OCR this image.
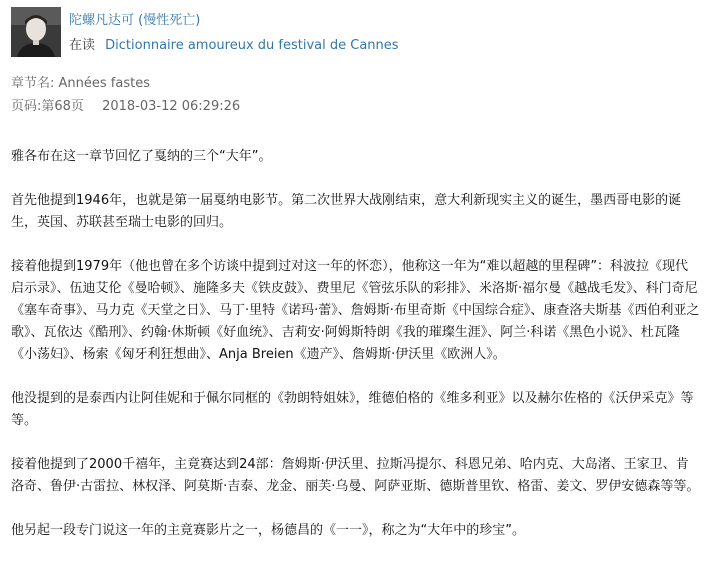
陀螺凡达可 (慢性死亡)
在读 Dictionnaire amoureux du festival de Cannes
章节名: Années fastes
页码:第68页 2018-03-12 06:29:26

雅各布在这一章节回忆了戛纳的三个“大年”。

首先他提到1946年，也就是第一届戛纳电影节。第二次世界大战刚结束，意大利新现实主义的诞生，墨西哥电影的诞生，英国、苏联甚至瑞士电影的回归。

接着他提到1979年（他也曾在多个访谈中提到过对这一年的怀恋），他称这一年为“难以超越的里程碑”：科波拉《现代启示录》、伍迪艾伦《曼哈顿》、施隆多夫《铁皮鼓》、费里尼《管弦乐队的彩排》、米洛斯·福尔曼《越战毛发》、科门奇尼《塞车奇事》、马力克《天堂之日》、马丁·里特《诺玛·蕾》、詹姆斯·布里奇斯《中国综合症》、康查洛夫斯基《西伯利亚之歌》、瓦依达《酷刑》、约翰·休斯顿《好血统》、吉莉安·阿姆斯特朗《我的璀璨生涯》、阿兰·科诺《黑色小说》、杜瓦隆《小荡妇》、杨索《匈牙利狂想曲》、Anja Breien《遗产》、詹姆斯·伊沃里《欧洲人》。

他没提到的是泰西内让阿佳妮和于佩尔同框的《勃朗特姐妹》，维德伯格的《维多利亚》以及赫尔佐格的《沃伊采克》等等。

接着他提到了2000千禧年，主竟赛达到24部：詹姆斯·伊沃里、拉斯冯提尔、科恩兄弟、哈内克、大岛渚、王家卫、肯洛奇、鲁伊·古雷拉、林权泽、阿莫斯·吉泰、龙金、丽芙·乌曼、阿萨亚斯、德斯普里钦、格雷、姜文、罗伊安德森等等。

他另起一段专门说这一年的主竟赛影片之一，杨德昌的《一一》，称之为“大年中的珍宝”。
